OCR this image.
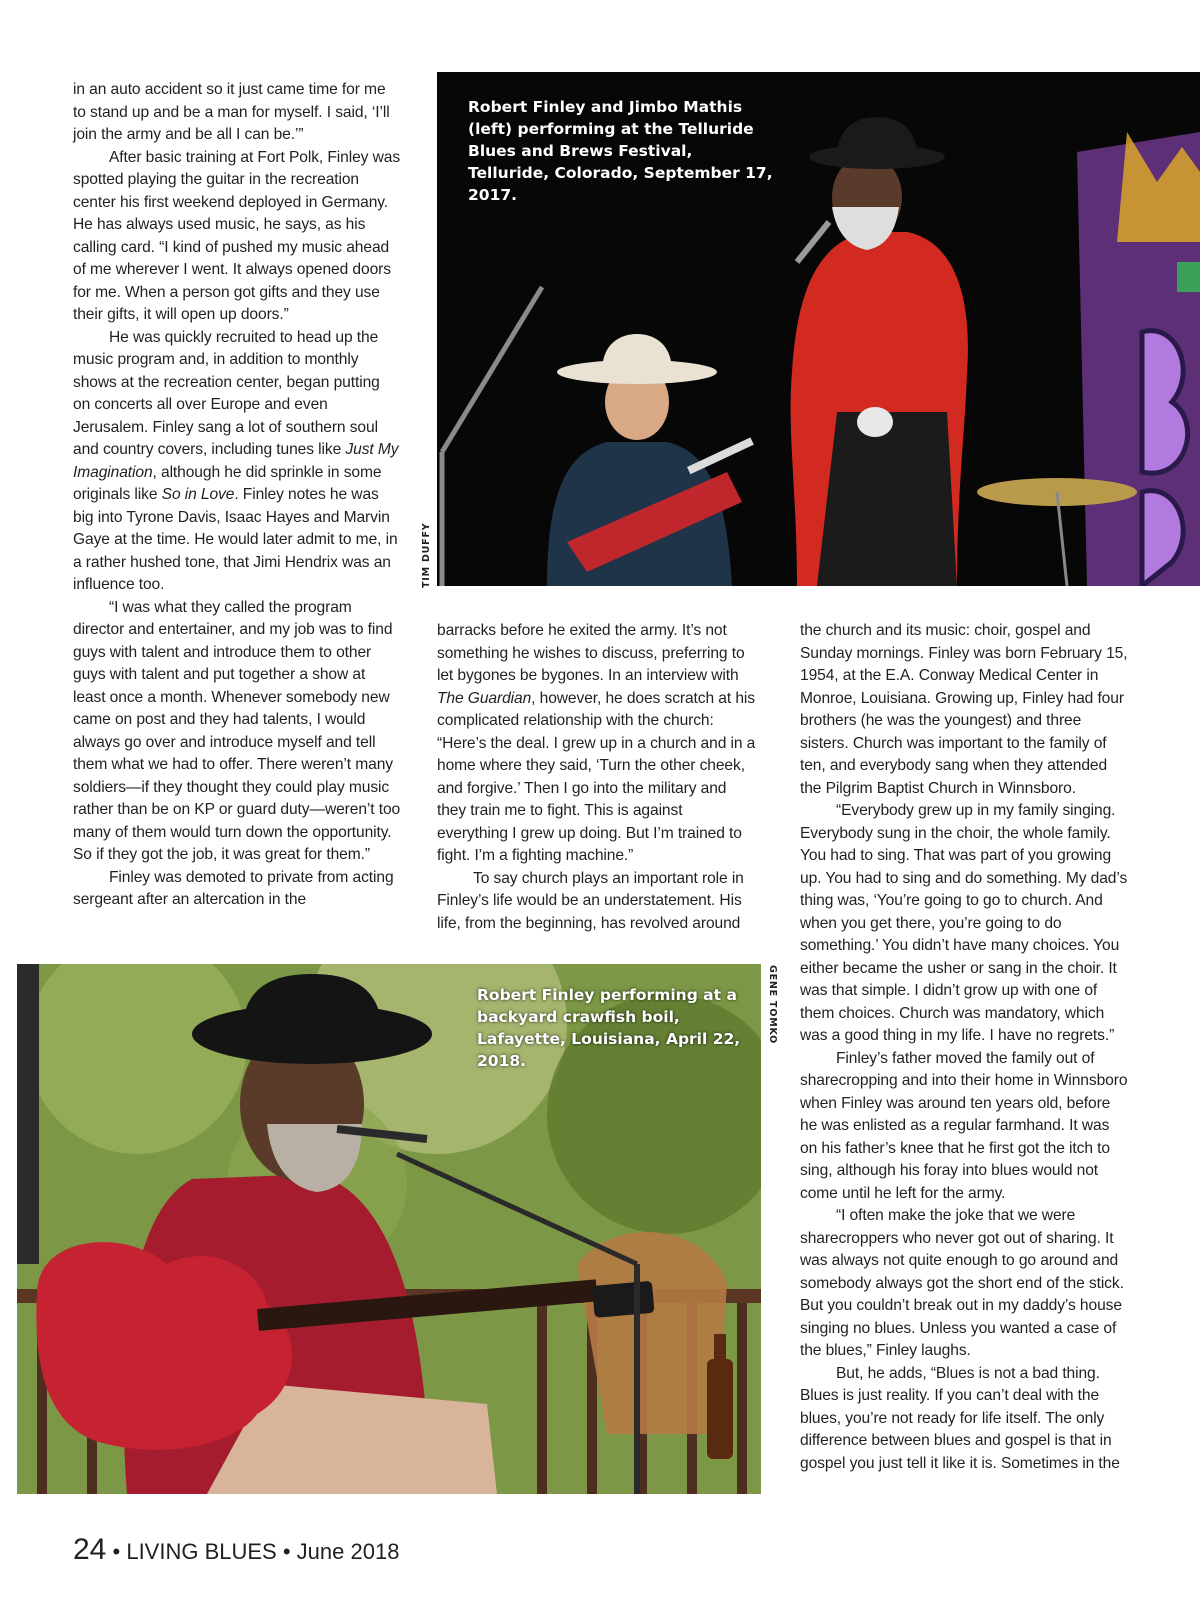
in an auto accident so it just came time for me to stand up and be a man for myself. I said, ‘I’ll join the army and be all I can be.’”

After basic training at Fort Polk, Finley was spotted playing the guitar in the recreation center his first weekend deployed in Germany. He has always used music, he says, as his calling card. “I kind of pushed my music ahead of me wherever I went. It always opened doors for me. When a person got gifts and they use their gifts, it will open up doors.”

He was quickly recruited to head up the music program and, in addition to monthly shows at the recreation center, began putting on concerts all over Europe and even Jerusalem. Finley sang a lot of southern soul and country covers, including tunes like Just My Imagination, although he did sprinkle in some originals like So in Love. Finley notes he was big into Tyrone Davis, Isaac Hayes and Marvin Gaye at the time. He would later admit to me, in a rather hushed tone, that Jimi Hendrix was an influence too.

“I was what they called the program director and entertainer, and my job was to find guys with talent and introduce them to other guys with talent and put together a show at least once a month. Whenever somebody new came on post and they had talents, I would always go over and introduce myself and tell them what we had to offer. There weren’t many soldiers—if they thought they could play music rather than be on KP or guard duty—weren’t too many of them would turn down the opportunity. So if they got the job, it was great for them.”

Finley was demoted to private from acting sergeant after an altercation in the

Robert Finley and Jimbo Mathis (left) performing at the Telluride Blues and Brews Festival, Telluride, Colorado, September 17, 2017.
TIM DUFFY

barracks before he exited the army. It’s not something he wishes to discuss, preferring to let bygones be bygones. In an interview with The Guardian, however, he does scratch at his complicated relationship with the church: “Here’s the deal. I grew up in a church and in a home where they said, ‘Turn the other cheek, and forgive.’ Then I go into the military and they train me to fight. This is against everything I grew up doing. But I’m trained to fight. I’m a fighting machine.”

To say church plays an important role in Finley’s life would be an understatement. His life, from the beginning, has revolved around

the church and its music: choir, gospel and Sunday mornings. Finley was born February 15, 1954, at the E.A. Conway Medical Center in Monroe, Louisiana. Growing up, Finley had four brothers (he was the youngest) and three sisters. Church was important to the family of ten, and everybody sang when they attended the Pilgrim Baptist Church in Winnsboro.

“Everybody grew up in my family singing. Everybody sung in the choir, the whole family. You had to sing. That was part of you growing up. You had to sing and do something. My dad’s thing was, ‘You’re going to go to church. And when you get there, you’re going to do something.’ You didn’t have many choices. You either became the usher or sang in the choir. It was that simple. I didn’t grow up with one of them choices. Church was mandatory, which was a good thing in my life. I have no regrets.”

Finley’s father moved the family out of sharecropping and into their home in Winnsboro when Finley was around ten years old, before he was enlisted as a regular farmhand. It was on his father’s knee that he first got the itch to sing, although his foray into blues would not come until he left for the army.

“I often make the joke that we were sharecroppers who never got out of sharing. It was always not quite enough to go around and somebody always got the short end of the stick. But you couldn’t break out in my daddy’s house singing no blues. Unless you wanted a case of the blues,” Finley laughs.

But, he adds, “Blues is not a bad thing. Blues is just reality. If you can’t deal with the blues, you’re not ready for life itself. The only difference between blues and gospel is that in gospel you just tell it like it is. Sometimes in the

Robert Finley performing at a backyard crawfish boil, Lafayette, Louisiana, April 22, 2018.
GENE TOMKO
24 • LIVING BLUES • June 2018
